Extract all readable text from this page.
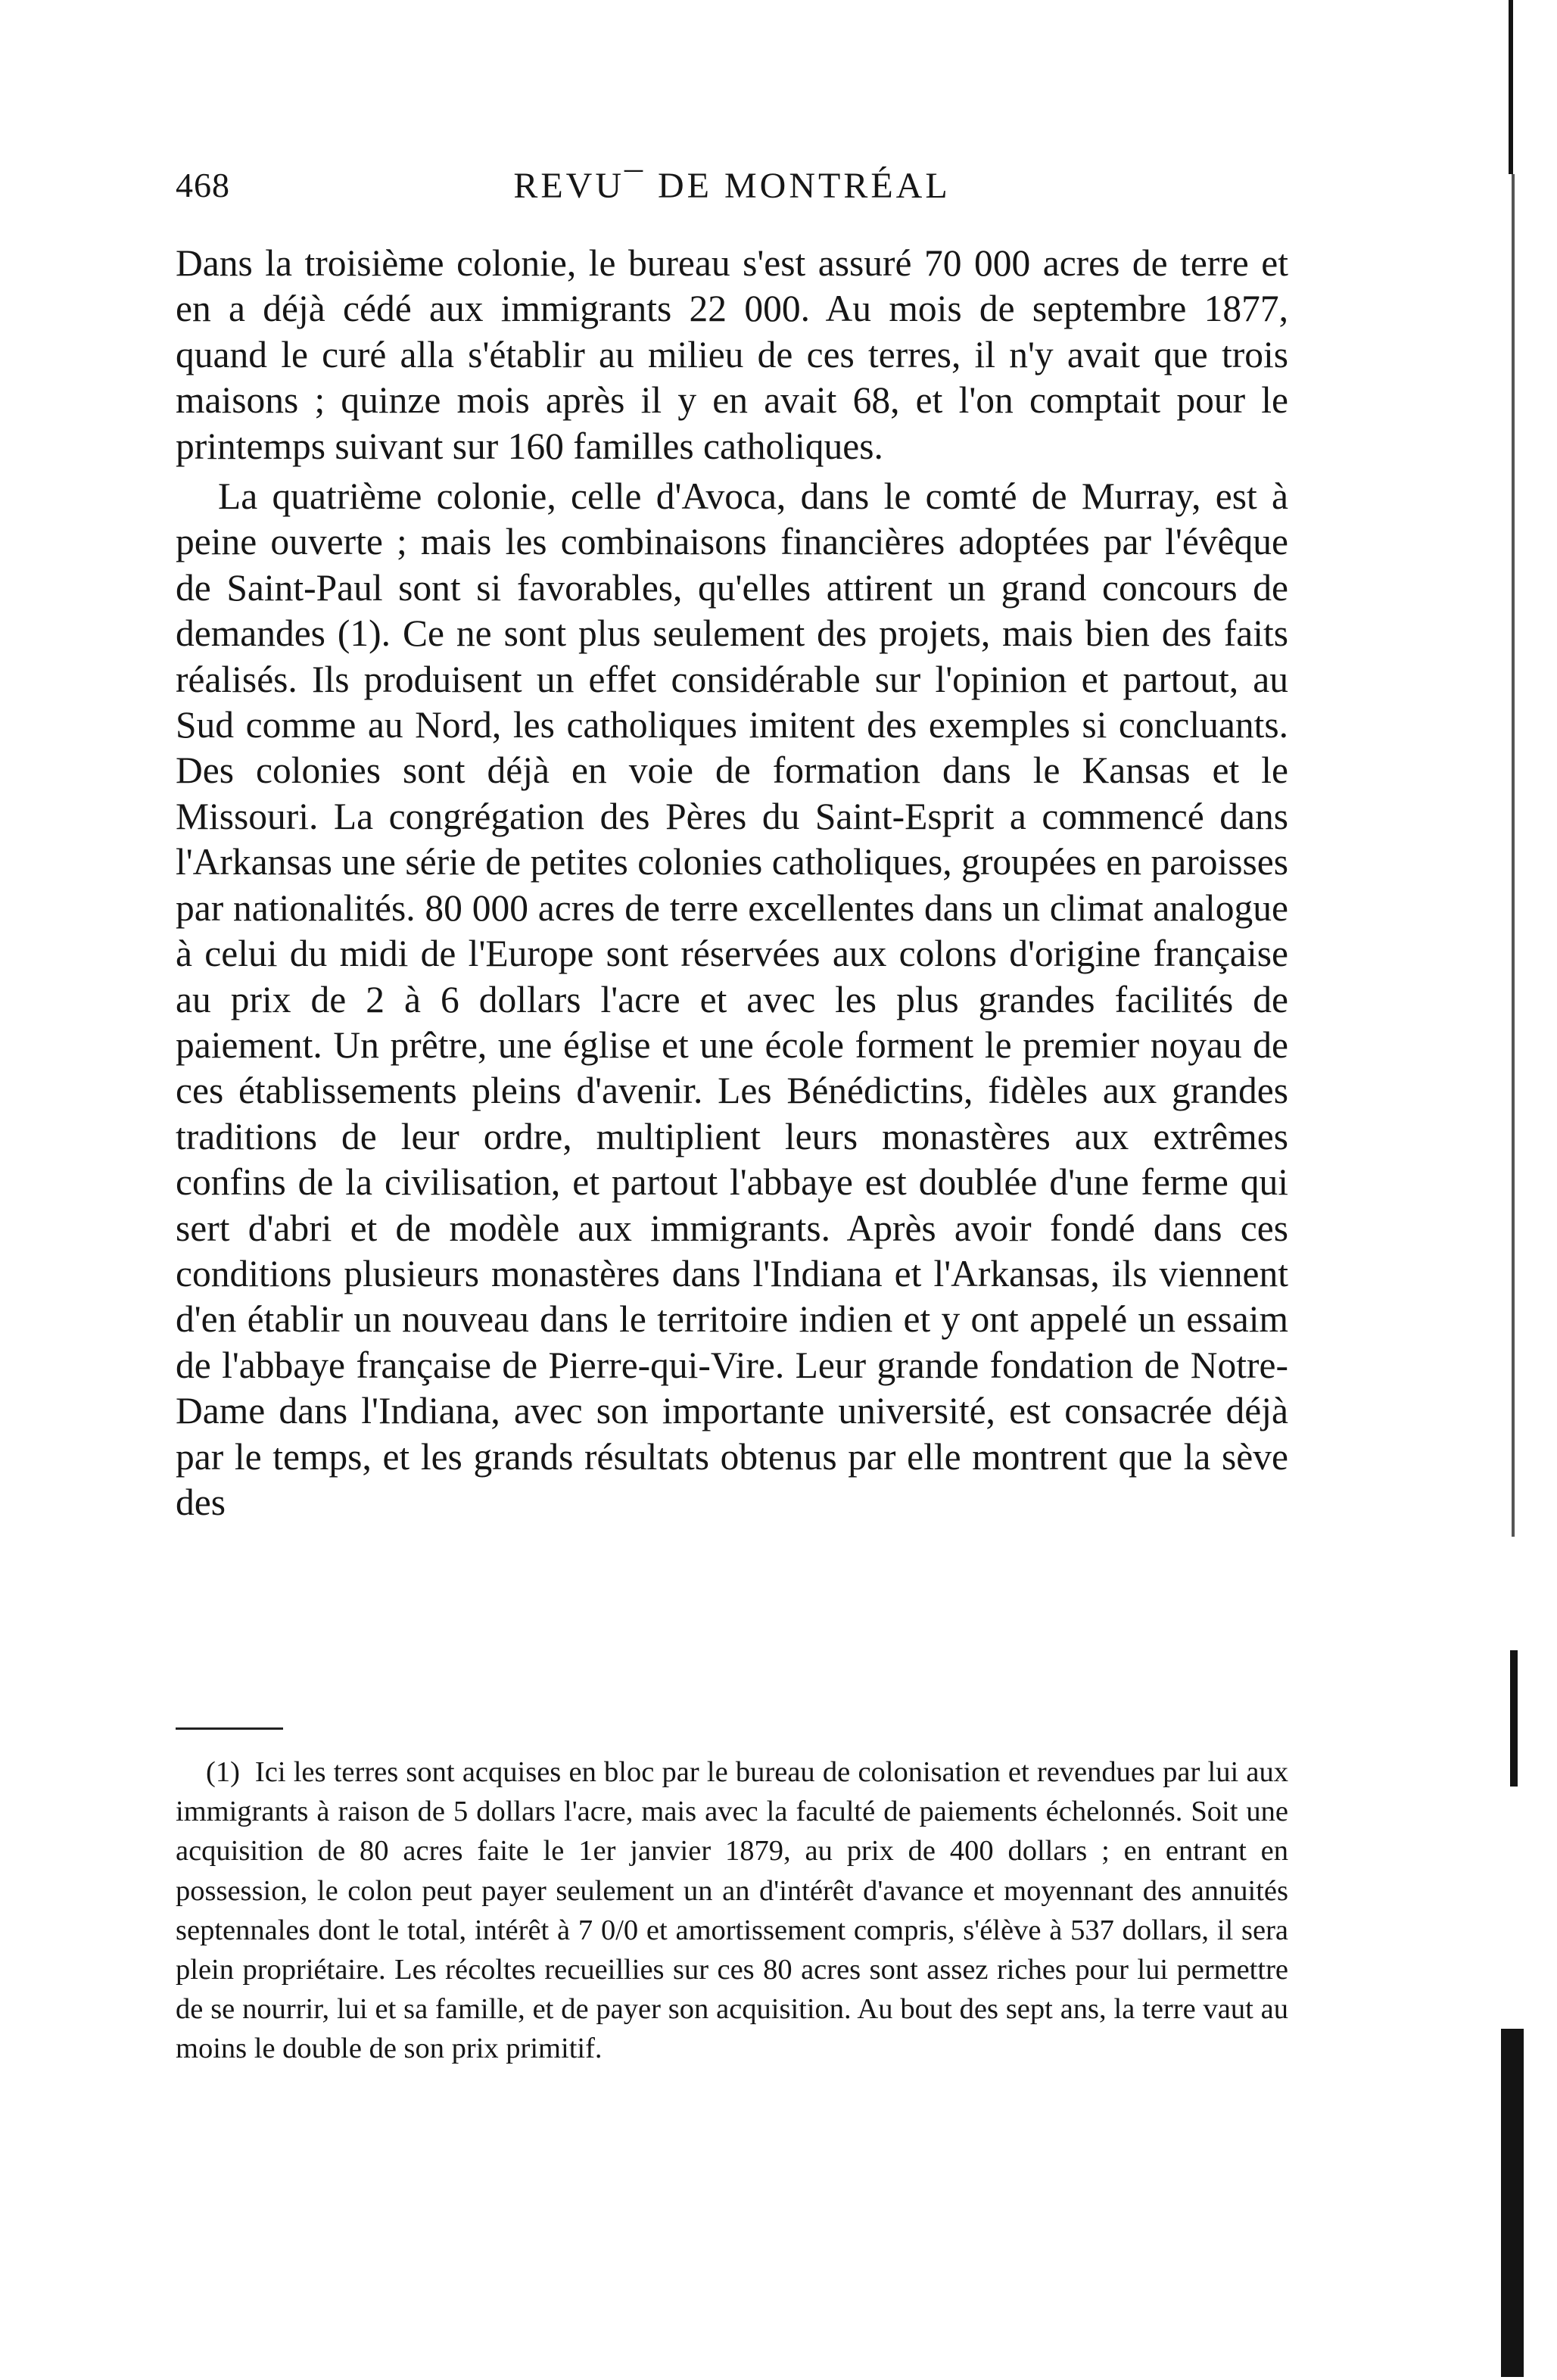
468	REVU¯ DE MONTRÉAL

Dans la troisième colonie, le bureau s'est assuré 70 000 acres de terre et en a déjà cédé aux immigrants 22 000. Au mois de septembre 1877, quand le curé alla s'établir au milieu de ces terres, il n'y avait que trois maisons ; quinze mois après il y en avait 68, et l'on comptait pour le printemps suivant sur 160 familles catholiques.

La quatrième colonie, celle d'Avoca, dans le comté de Murray, est à peine ouverte ; mais les combinaisons financières adoptées par l'évêque de Saint-Paul sont si favorables, qu'elles attirent un grand concours de demandes (1). Ce ne sont plus seulement des projets, mais bien des faits réalisés. Ils produisent un effet considérable sur l'opinion et partout, au Sud comme au Nord, les catholiques imitent des exemples si concluants. Des colonies sont déjà en voie de formation dans le Kansas et le Missouri. La congrégation des Pères du Saint-Esprit a commencé dans l'Arkansas une série de petites colonies catholiques, groupées en paroisses par nationalités. 80 000 acres de terre excellentes dans un climat analogue à celui du midi de l'Europe sont réservées aux colons d'origine française au prix de 2 à 6 dollars l'acre et avec les plus grandes facilités de paiement. Un prêtre, une église et une école forment le premier noyau de ces établissements pleins d'avenir. Les Bénédictins, fidèles aux grandes traditions de leur ordre, multiplient leurs monastères aux extrêmes confins de la civilisation, et partout l'abbaye est doublée d'une ferme qui sert d'abri et de modèle aux immigrants. Après avoir fondé dans ces conditions plusieurs monastères dans l'Indiana et l'Arkansas, ils viennent d'en établir un nouveau dans le territoire indien et y ont appelé un essaim de l'abbaye française de Pierre-qui-Vire. Leur grande fondation de Notre-Dame dans l'Indiana, avec son importante université, est consacrée déjà par le temps, et les grands résultats obtenus par elle montrent que la sève des

(1) Ici les terres sont acquises en bloc par le bureau de colonisation et revendues par lui aux immigrants à raison de 5 dollars l'acre, mais avec la faculté de paiements échelonnés. Soit une acquisition de 80 acres faite le 1er janvier 1879, au prix de 400 dollars ; en entrant en possession, le colon peut payer seulement un an d'intérêt d'avance et moyennant des annuités septennales dont le total, intérêt à 7 0/0 et amortissement compris, s'élève à 537 dollars, il sera plein propriétaire. Les récoltes recueillies sur ces 80 acres sont assez riches pour lui permettre de se nourrir, lui et sa famille, et de payer son acquisition. Au bout des sept ans, la terre vaut au moins le double de son prix primitif.
